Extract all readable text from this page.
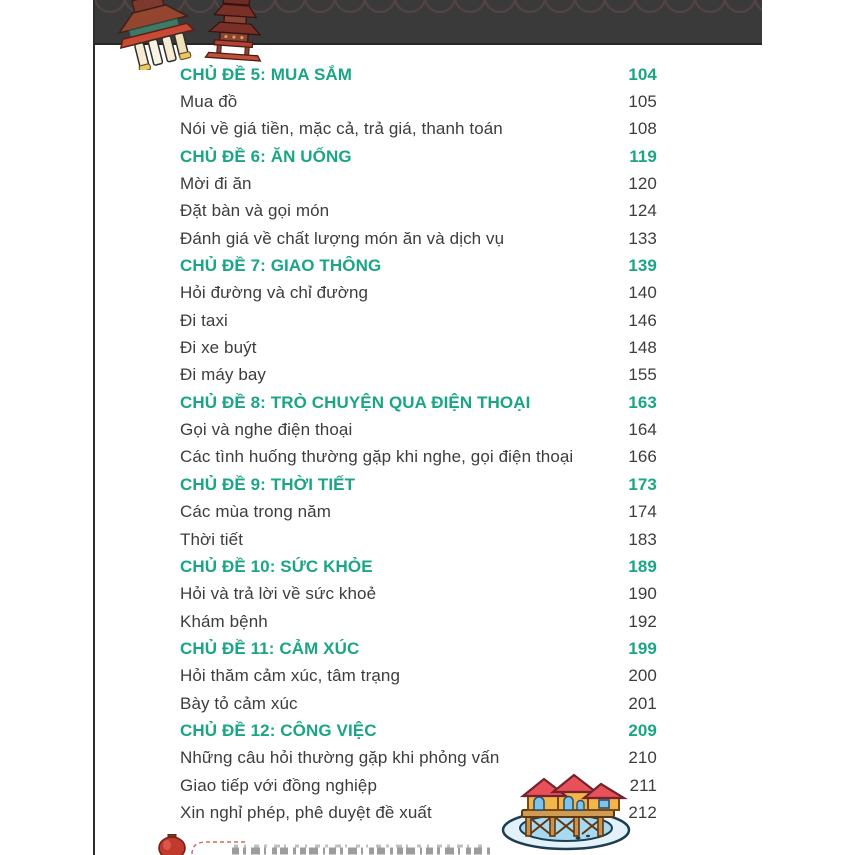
CHỦ ĐỀ 5: MUA SẮM	104
Mua đồ	105
Nói về giá tiền, mặc cả, trả giá, thanh toán	108
CHỦ ĐỀ 6: ĂN UỐNG	119
Mời đi ăn	120
Đặt bàn và gọi món	124
Đánh giá về chất lượng món ăn và dịch vụ	133
CHỦ ĐỀ 7: GIAO THÔNG	139
Hỏi đường và chỉ đường	140
Đi taxi	146
Đi xe buýt	148
Đi máy bay	155
CHỦ ĐỀ 8: TRÒ CHUYỆN QUA ĐIỆN THOẠI	163
Gọi và nghe điện thoại	164
Các tình huống thường gặp khi nghe, gọi điện thoại	166
CHỦ ĐỀ 9: THỜI TIẾT	173
Các mùa trong năm	174
Thời tiết	183
CHỦ ĐỀ 10: SỨC KHỎE	189
Hỏi và trả lời về sức khoẻ	190
Khám bệnh	192
CHỦ ĐỀ 11: CẢM XÚC	199
Hỏi thăm cảm xúc, tâm trạng	200
Bày tỏ cảm xúc	201
CHỦ ĐỀ 12: CÔNG VIỆC	209
Những câu hỏi thường gặp khi phỏng vấn	210
Giao tiếp với đồng nghiệp	211
Xin nghỉ phép, phê duyệt đề xuất	212
